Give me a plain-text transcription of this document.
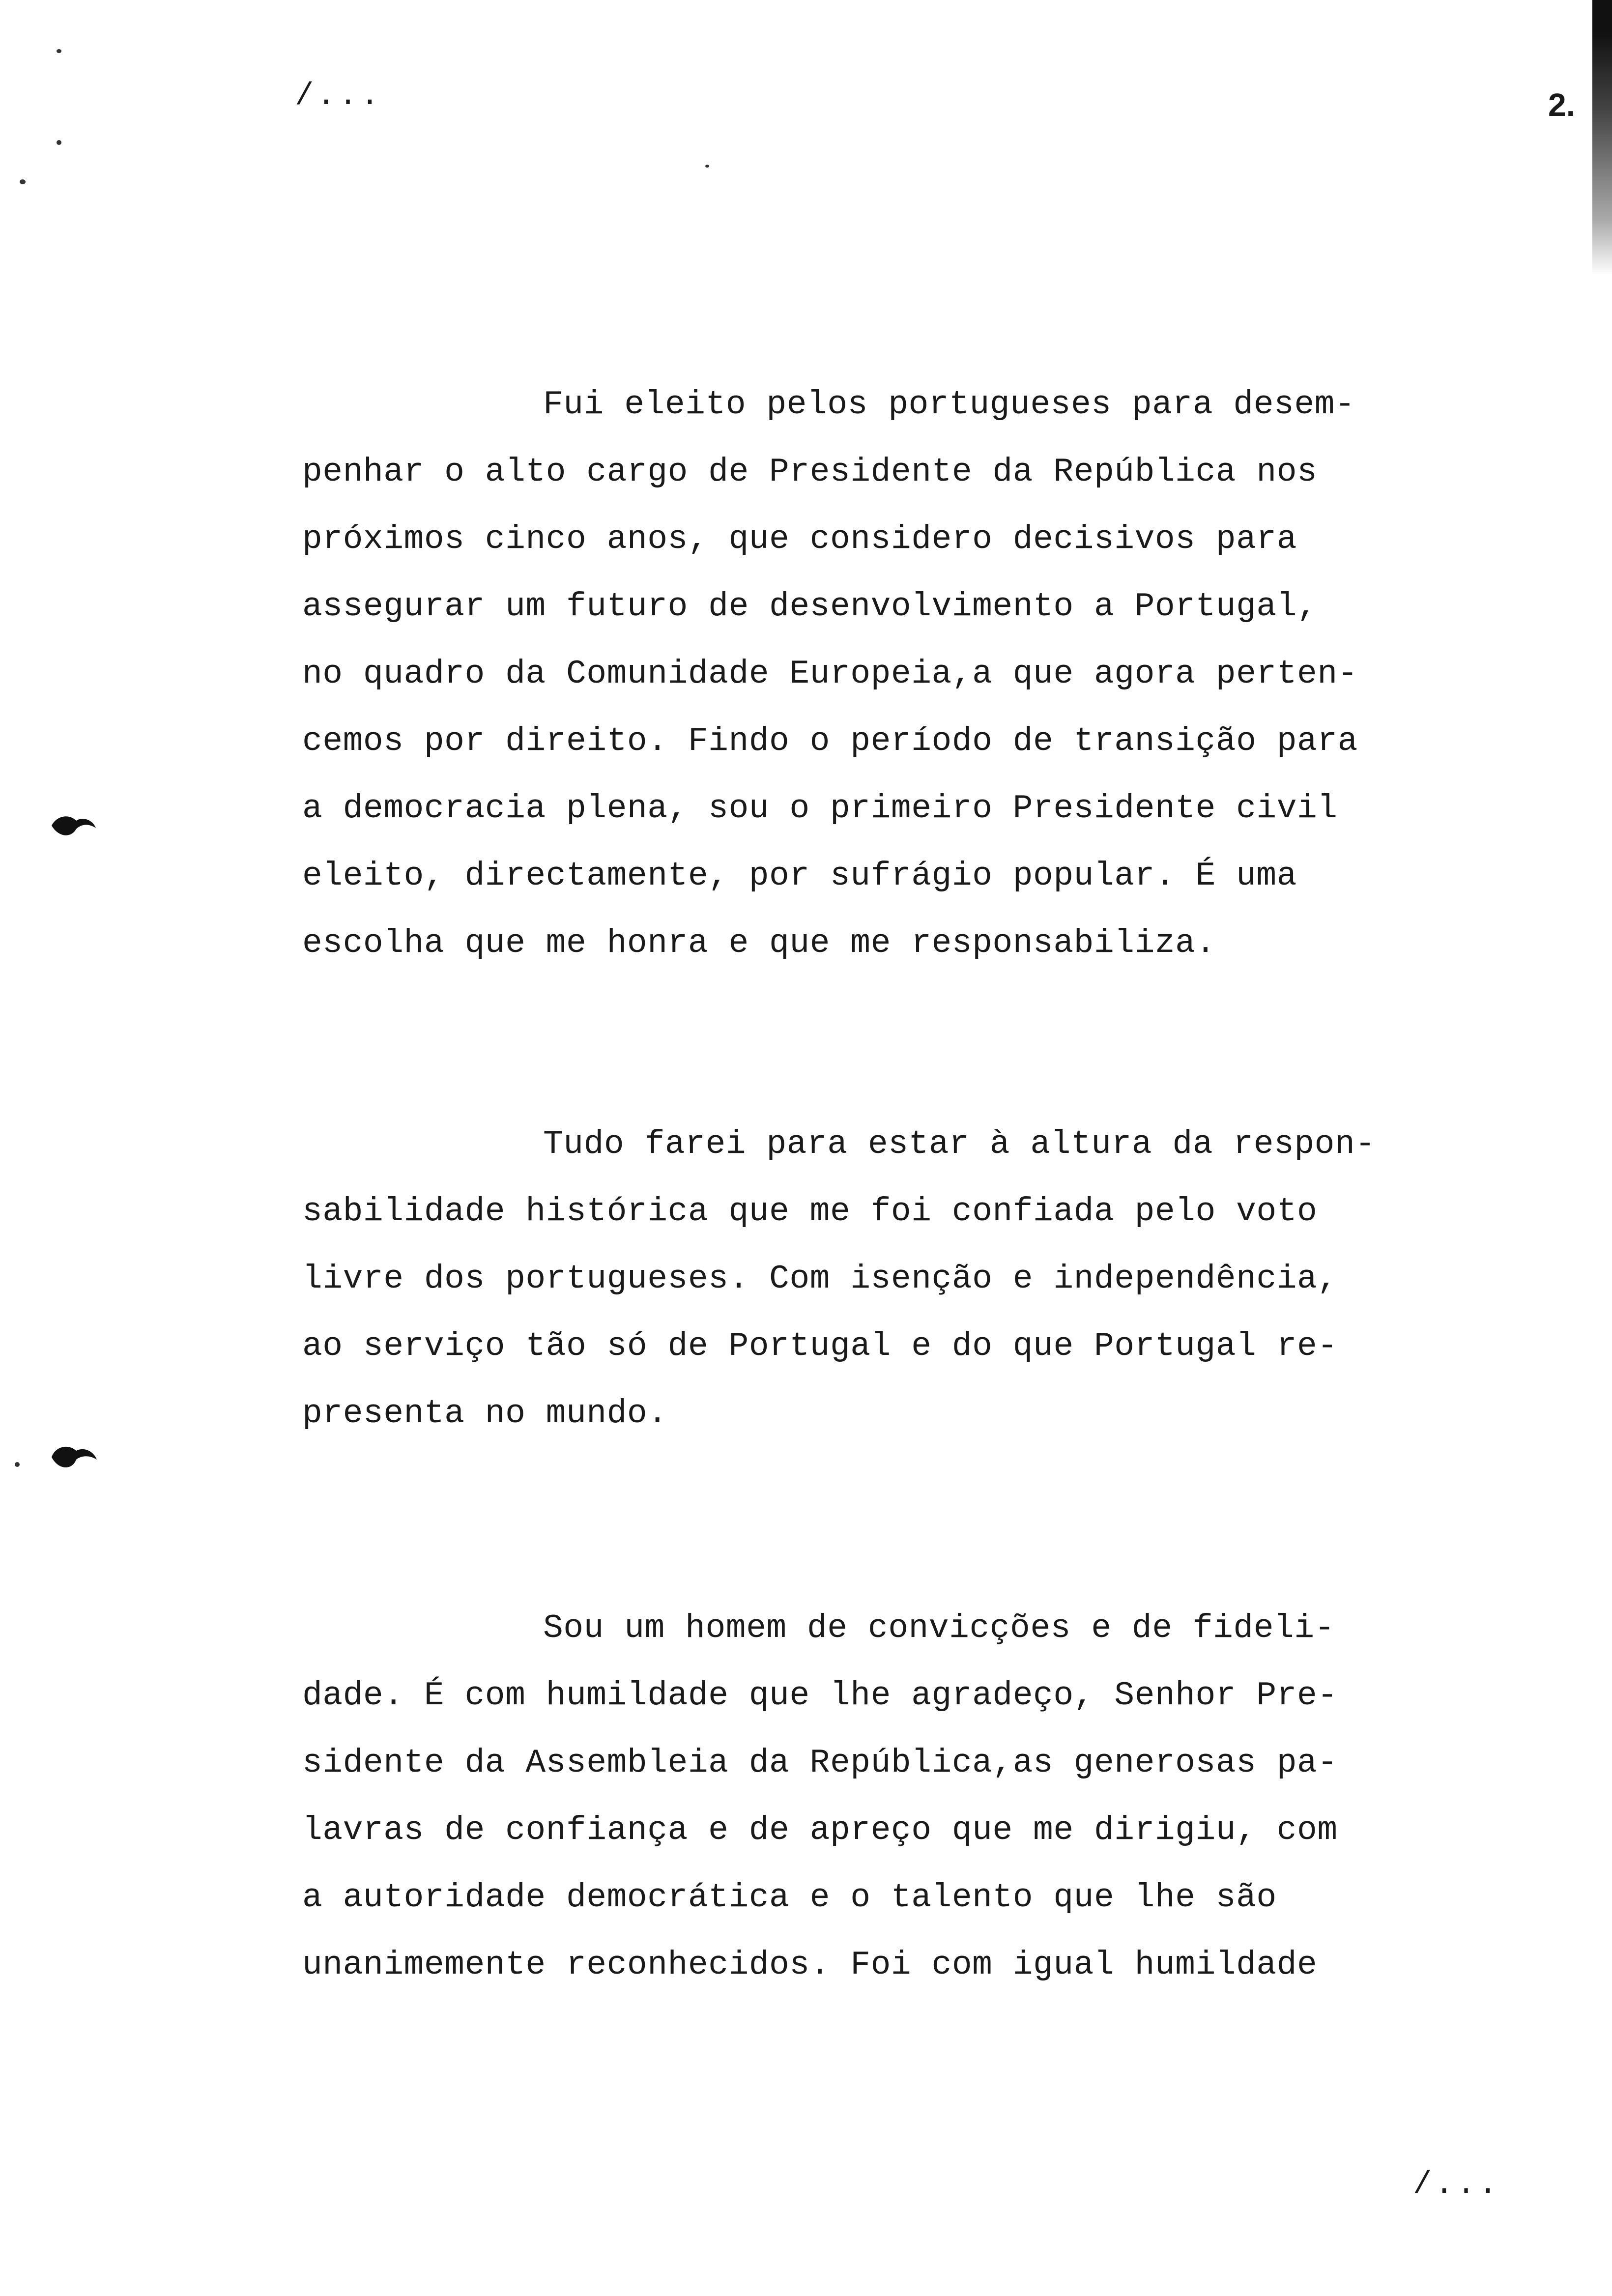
/...	2.
Fui eleito pelos portugueses para desem-
penhar o alto cargo de Presidente da República nos
próximos cinco anos, que considero decisivos para
assegurar um futuro de desenvolvimento a Portugal,
no quadro da Comunidade Europeia,a que agora perten-
cemos por direito. Findo o período de transição para
a democracia plena, sou o primeiro Presidente civil
eleito, directamente, por sufrágio popular. É uma
escolha que me honra e que me responsabiliza.
Tudo farei para estar à altura da respon-
sabilidade histórica que me foi confiada pelo voto
livre dos portugueses. Com isenção e independência,
ao serviço tão só de Portugal e do que Portugal re-
presenta no mundo.
Sou um homem de convicções e de fideli-
dade. É com humildade que lhe agradeço, Senhor Pre-
sidente da Assembleia da República,as generosas pa-
lavras de confiança e de apreço que me dirigiu, com
a autoridade democrática e o talento que lhe são
unanimemente reconhecidos. Foi com igual humildade
/...
